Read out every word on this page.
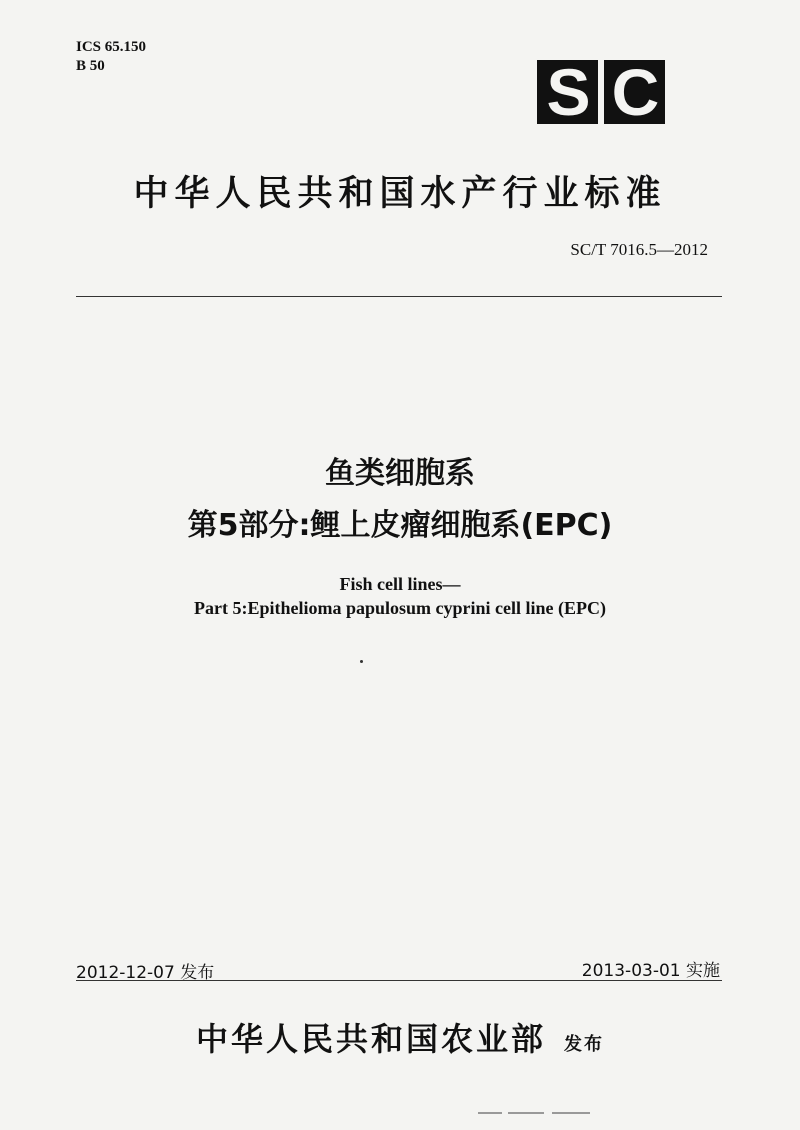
ICS 65.150
B 50	S C
中华人民共和国水产行业标准
SC/T 7016.5—2012
鱼类细胞系
第5部分:鲤上皮瘤细胞系(EPC)
Fish cell lines—
Part 5:Epithelioma papulosum cyprini cell line (EPC)
2012-12-07 发布	2013-03-01 实施
中华人民共和国农业部 发布
